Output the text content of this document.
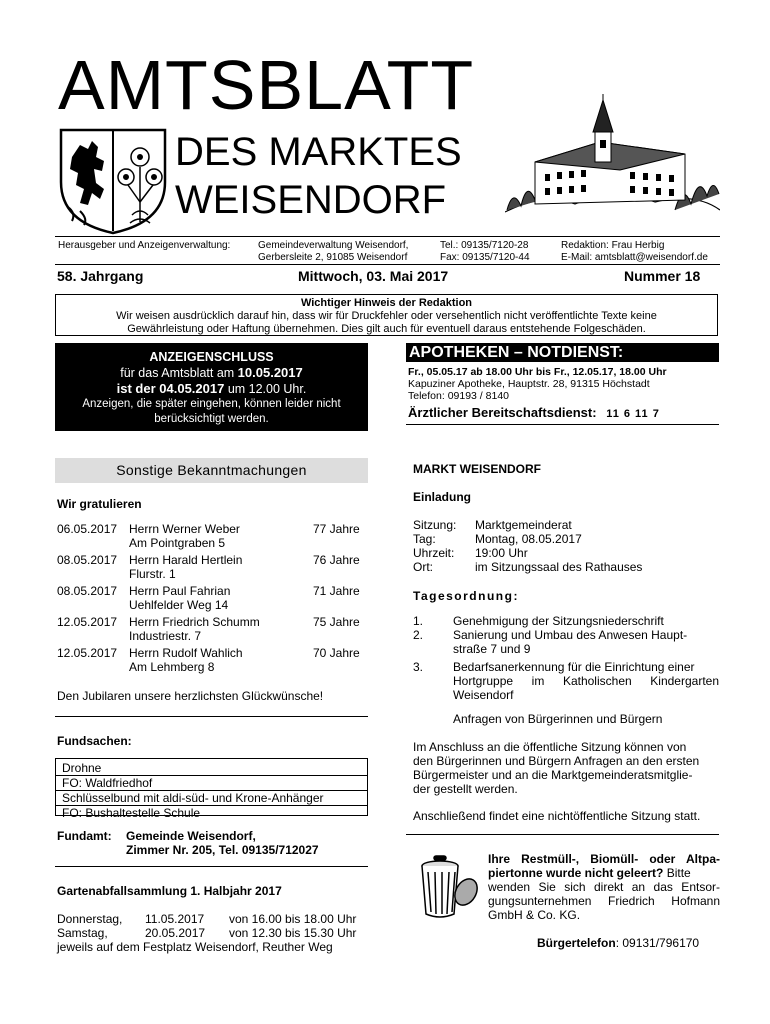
AMTSBLATT
DES MARKTES
WEISENDORF
Herausgeber und Anzeigenverwaltung:	Gemeindeverwaltung Weisendorf,
Gerbersleite 2, 91085 Weisendorf
Tel.: 09135/7120-28
Fax: 09135/7120-44
Redaktion: Frau Herbig
E-Mail: amtsblatt@weisendorf.de
58. Jahrgang	Mittwoch, 03. Mai 2017	Nummer 18
Wichtiger Hinweis der Redaktion
Wir weisen ausdrücklich darauf hin, dass wir für Druckfehler oder versehentlich nicht veröffentlichte Texte keine
Gewährleistung oder Haftung übernehmen. Dies gilt auch für eventuell daraus entstehende Folgeschäden.
ANZEIGENSCHLUSS
für das Amtsblatt am 10.05.2017
ist der 04.05.2017 um 12.00 Uhr.
Anzeigen, die später eingehen, können leider nicht
berücksichtigt werden.
APOTHEKEN – NOTDIENST:
Fr., 05.05.17 ab 18.00 Uhr bis Fr., 12.05.17, 18.00 Uhr
Kapuziner Apotheke, Hauptstr. 28, 91315 Höchstadt
Telefon: 09193 / 8140
Ärztlicher Bereitschaftsdienst: 11 6 11 7
Sonstige Bekanntmachungen
Wir gratulieren
06.05.2017 Herrn Werner Weber
Am Pointgraben 5
77 Jahre
08.05.2017 Herrn Harald Hertlein
Flurstr. 1
76 Jahre
08.05.2017 Herrn Paul Fahrian
Uehlfelder Weg 14
71 Jahre
12.05.2017 Herrn Friedrich Schumm
Industriestr. 7
75 Jahre
12.05.2017 Herrn Rudolf Wahlich
Am Lehmberg 8
70 Jahre
Den Jubilaren unsere herzlichsten Glückwünsche!
Fundsachen:
Drohne
FO: Waldfriedhof
Schlüsselbund mit aldi-süd- und Krone-Anhänger
FO: Bushaltestelle Schule
Fundamt: Gemeinde Weisendorf,
Zimmer Nr. 205, Tel. 09135/712027
Gartenabfallsammlung 1. Halbjahr 2017
Donnerstag, 11.05.2017 von 16.00 bis 18.00 Uhr
Samstag,	20.05.2017 von 12.30 bis 15.30 Uhr
jeweils auf dem Festplatz Weisendorf, Reuther Weg
MARKT WEISENDORF
Einladung
Sitzung: Marktgemeinderat
Tag:	Montag, 08.05.2017
Uhrzeit: 19:00 Uhr
Ort:	im Sitzungssaal des Rathauses
Tagesordnung:
1. Genehmigung der Sitzungsniederschrift
2. Sanierung und Umbau des Anwesen Haupt-
straße 7 und 9
3. Bedarfsanerkennung für die Einrichtung einer
Hortgruppe im Katholischen Kindergarten
Weisendorf
Anfragen von Bürgerinnen und Bürgern
Im Anschluss an die öffentliche Sitzung können von
den Bürgerinnen und Bürgern Anfragen an den ersten
Bürgermeister und an die Marktgemeinderatsmitglie-
der gestellt werden.
Anschließend findet eine nichtöffentliche Sitzung statt.
Ihre Restmüll-, Biomüll- oder Altpa-
piertonne wurde nicht geleert? Bitte
wenden Sie sich direkt an das Entsor-
gungsunternehmen Friedrich Hofmann
GmbH & Co. KG.
Bürgertelefon: 09131/796170
